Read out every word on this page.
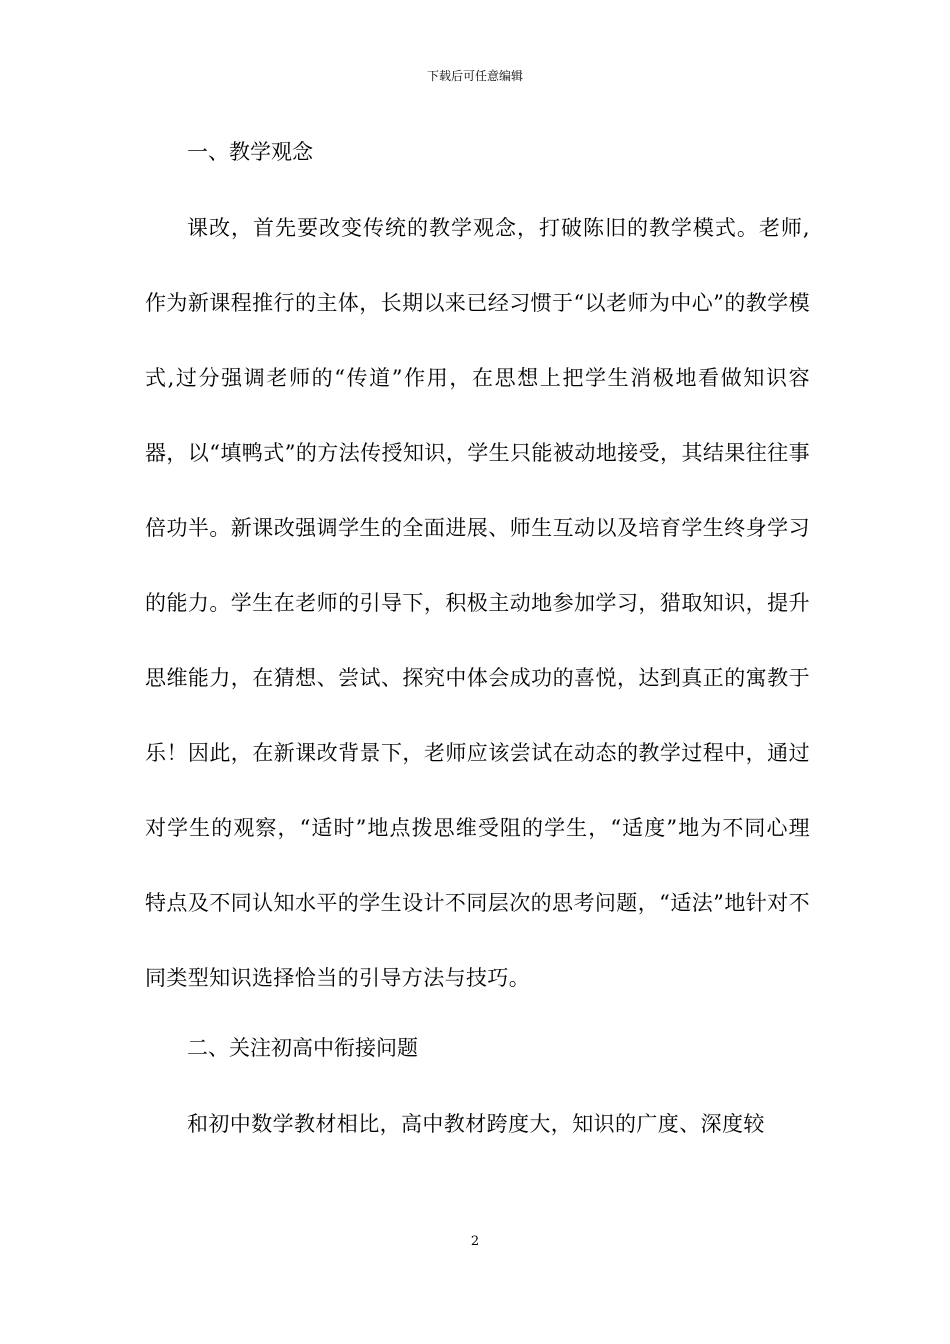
下载后可任意编辑

一、教学观念

课改，首先要改变传统的教学观念，打破陈旧的教学模式。老师,作为新课程推行的主体，长期以来已经习惯于“以老师为中心”的教学模式,过分强调老师的“传道”作用，在思想上把学生消极地看做知识容器，以“填鸭式”的方法传授知识，学生只能被动地接受，其结果往往事倍功半。新课改强调学生的全面进展、师生互动以及培育学生终身学习的能力。学生在老师的引导下，积极主动地参加学习，猎取知识，提升思维能力，在猜想、尝试、探究中体会成功的喜悦，达到真正的寓教于乐！因此，在新课改背景下，老师应该尝试在动态的教学过程中，通过对学生的观察，“适时”地点拨思维受阻的学生，“适度”地为不同心理特点及不同认知水平的学生设计不同层次的思考问题，“适法”地针对不同类型知识选择恰当的引导方法与技巧。

二、关注初高中衔接问题

和初中数学教材相比，高中教材跨度大，知识的广度、深度较

2
